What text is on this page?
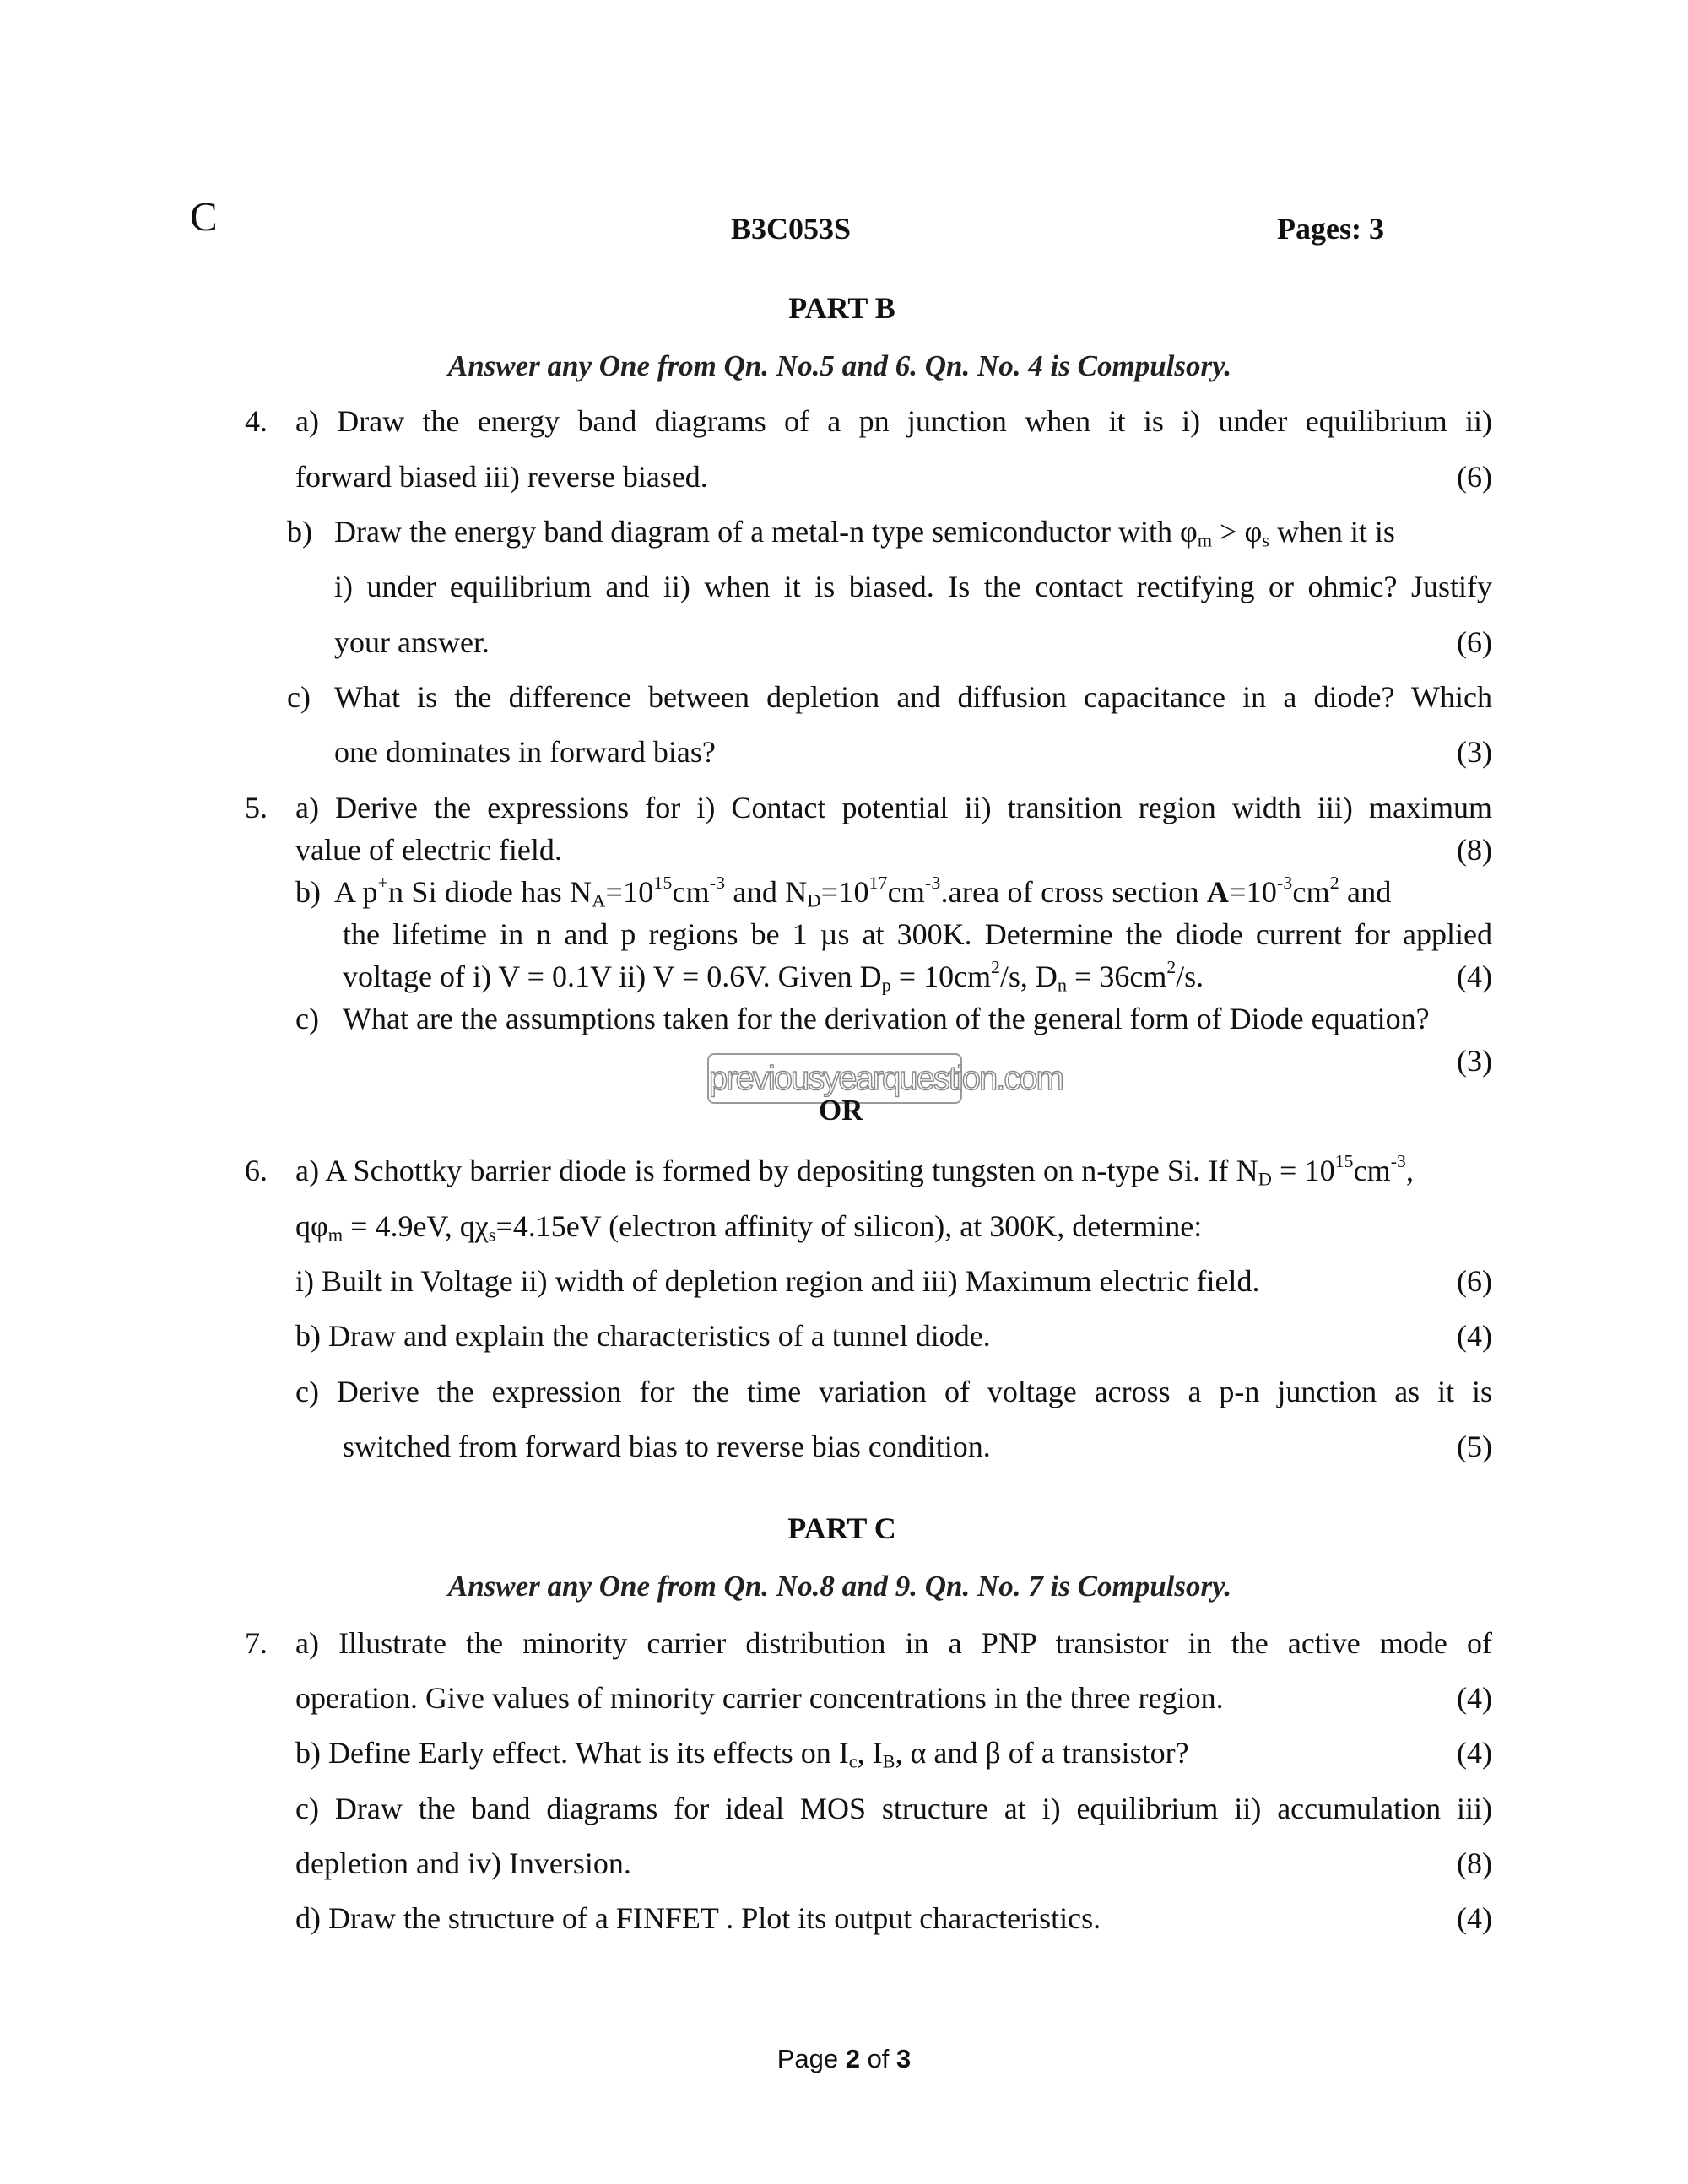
C	B3C053S	Pages: 3
PART B
Answer any One from Qn. No.5 and 6. Qn. No. 4 is Compulsory.
4. a) Draw the energy band diagrams of a pn junction when it is i) under equilibrium ii)
forward biased iii) reverse biased.	(6)
b) Draw the energy band diagram of a metal-n type semiconductor with $\varphi_m > \varphi_s$ when it is
i) under equilibrium and ii) when it is biased. Is the contact rectifying or ohmic? Justify
your answer.	(6)
c) What is the difference between depletion and diffusion capacitance in a diode? Which
one dominates in forward bias?	(3)
5. a) Derive the expressions for i) Contact potential ii) transition region width iii) maximum
value of electric field.	(8)
b) A p+n Si diode has $N_A=10^{15}cm^{-3}$ and $N_D=10^{17}cm^{-3}.area$ of cross section $A=10^{-3}cm^2$ and
the lifetime in n and p regions be 1 µs at 300K. Determine the diode current for applied
voltage of i) V = 0.1V ii) V = 0.6V. Given $D_p = 10cm^2/s$, $D_n = 36cm^2/s$.	(4)
c) What are the assumptions taken for the derivation of the general form of Diode equation?
(3)
previousyearquestion.com
OR
6. a) A Schottky barrier diode is formed by depositing tungsten on n-type Si. If $N_D = 10^{15}cm^{-3}$,
$q\varphi_m = 4.9eV$, $q\chi_s=4.15eV$ (electron affinity of silicon), at 300K, determine:
i) Built in Voltage ii) width of depletion region and iii) Maximum electric field.	(6)
b) Draw and explain the characteristics of a tunnel diode.	(4)
c) Derive the expression for the time variation of voltage across a p-n junction as it is
switched from forward bias to reverse bias condition.	(5)
PART C
Answer any One from Qn. No.8 and 9. Qn. No. 7 is Compulsory.
7. a) Illustrate the minority carrier distribution in a PNP transistor in the active mode of
operation. Give values of minority carrier concentrations in the three region.	(4)
b) Define Early effect. What is its effects on $I_c$, $I_B$, α and β of a transistor?	(4)
c) Draw the band diagrams for ideal MOS structure at i) equilibrium ii) accumulation iii)
depletion and iv) Inversion.	(8)
d) Draw the structure of a FINFET . Plot its output characteristics.	(4)
Page 2 of 3
